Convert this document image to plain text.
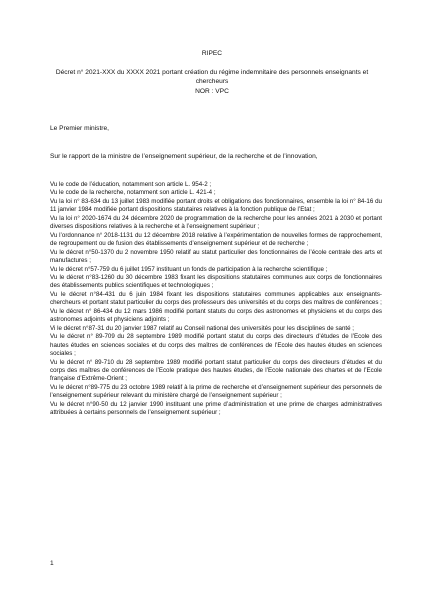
RIPEC
Décret n° 2021-XXX du XXXX 2021 portant création du régime indemnitaire des personnels enseignants et chercheurs
NOR : VPC
Le Premier ministre,
Sur le rapport de la ministre de l’enseignement supérieur, de la recherche et de l’innovation,

Vu le code de l’éducation, notamment son article L. 954-2 ;

Vu le code de la recherche, notamment son article L. 421-4 ;

Vu la loi n° 83-634 du 13 juillet 1983 modifiée portant droits et obligations des fonctionnaires, ensemble la loi n° 84-16 du 11 janvier 1984 modifiée portant dispositions statutaires relatives à la fonction publique de l’Etat ;

Vu la loi n° 2020-1674 du 24 décembre 2020 de programmation de la recherche pour les années 2021 à 2030 et portant diverses dispositions relatives à la recherche et à l’enseignement supérieur ;

Vu l’ordonnance n° 2018-1131 du 12 décembre 2018 relative à l’expérimentation de nouvelles formes de rapprochement, de regroupement ou de fusion des établissements d’enseignement supérieur et de recherche ;

Vu le décret n°50-1370 du 2 novembre 1950 relatif au statut particulier des fonctionnaires de l’école centrale des arts et manufactures ;

Vu le décret n°57-759 du 6 juillet 1957 instituant un fonds de participation à la recherche scientifique ;

Vu le décret n°83-1260 du 30 décembre 1983 fixant les dispositions statutaires communes aux corps de fonctionnaires des établissements publics scientifiques et technologiques ;

Vu le décret n°84-431 du 6 juin 1984 fixant les dispositions statutaires communes applicables aux enseignants-chercheurs et portant statut particulier du corps des professeurs des universités et du corps des maîtres de conférences ;

Vu le décret n° 86-434 du 12 mars 1986 modifié portant statuts du corps des astronomes et physiciens et du corps des astronomes adjoints et physiciens adjoints ;

Vi le décret n°87-31 du 20 janvier 1987 relatif au Conseil national des universités pour les disciplines de santé ;

Vu le décret n° 89-709 du 28 septembre 1989 modifié portant statut du corps des directeurs d’études de l’Ecole des hautes études en sciences sociales et du corps des maîtres de conférences de l’Ecole des hautes études en sciences sociales ;

Vu le décret n° 89-710 du 28 septembre 1989 modifié portant statut particulier du corps des directeurs d’études et du corps des maîtres de conférences de l’Ecole pratique des hautes études, de l’Ecole nationale des chartes et de l’Ecole française d’Extrême-Orient ;

Vu le décret n°89-775 du 23 octobre 1989 relatif à la prime de recherche et d’enseignement supérieur des personnels de l’enseignement supérieur relevant du ministère chargé de l’enseignement supérieur ;

Vu le décret n°90-50 du 12 janvier 1990 instituant une prime d’administration et une prime de charges administratives attribuées à certains personnels de l’enseignement supérieur ;

1
